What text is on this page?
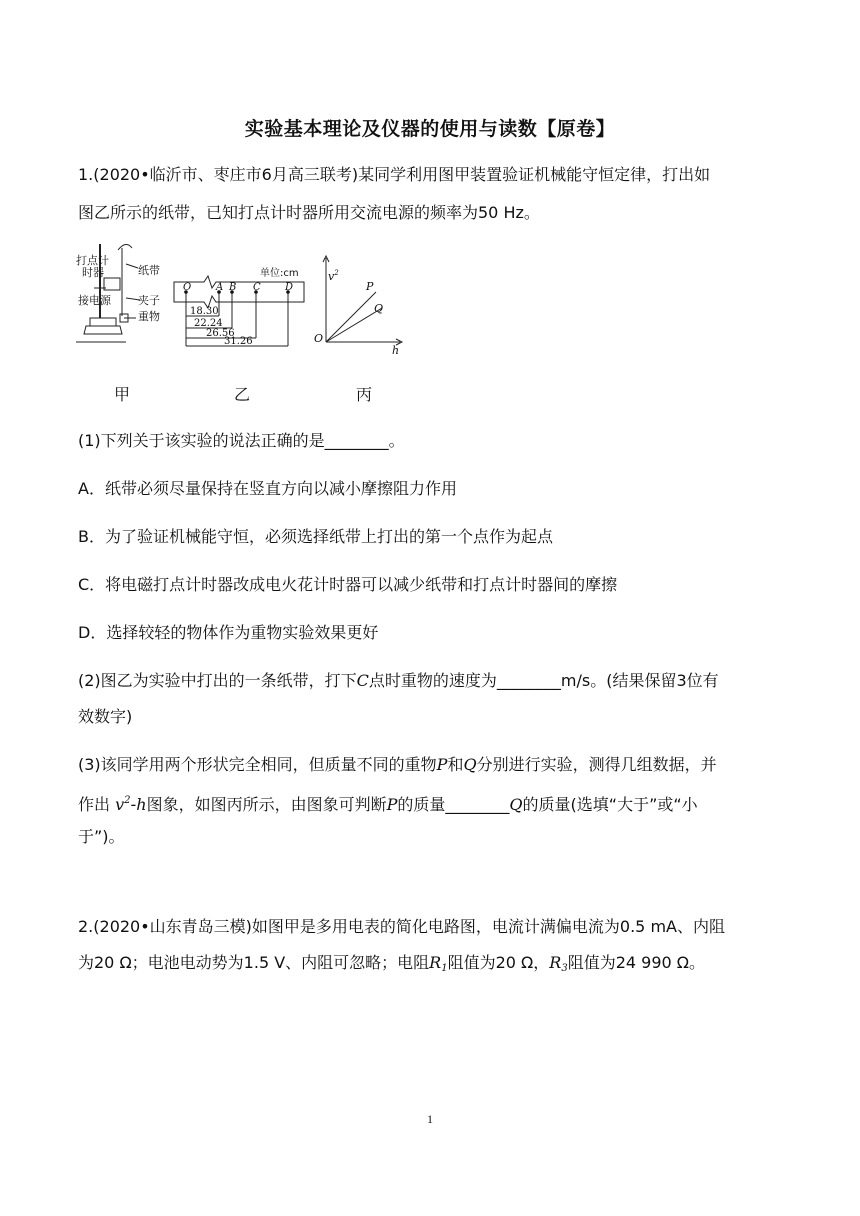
实验基本理论及仪器的使用与读数【原卷】
1.(2020•临沂市、枣庄市6月高三联考)某同学利用图甲装置验证机械能守恒定律，打出如
图乙所示的纸带，已知打点计时器所用交流电源的频率为50 Hz。
打点计
时器	纸带
接电源 夹子
重物
单位:cm
O A B C D
18.30
22.24
26.56
31.26
$v^2$
h
O
P
Q
甲	乙	丙
(1)下列关于该实验的说法正确的是________。
A．纸带必须尽量保持在竖直方向以减小摩擦阻力作用
B．为了验证机械能守恒，必须选择纸带上打出的第一个点作为起点
C．将电磁打点计时器改成电火花计时器可以减少纸带和打点计时器间的摩擦
D．选择较轻的物体作为重物实验效果更好
(2)图乙为实验中打出的一条纸带，打下C点时重物的速度为________m/s。(结果保留3位有
效数字)
(3)该同学用两个形状完全相同，但质量不同的重物P和Q分别进行实验，测得几组数据，并
作出 $v^2-h$图象，如图丙所示，由图象可判断P的质量________Q的质量(选填“大于”或“小
于”)。
2.(2020•山东青岛三模)如图甲是多用电表的简化电路图，电流计满偏电流为0.5 mA、内阻
为20 Ω；电池电动势为1.5 V、内阻可忽略；电阻$R_1$阻值为20 Ω，$R_3$阻值为24 990 Ω。
1
